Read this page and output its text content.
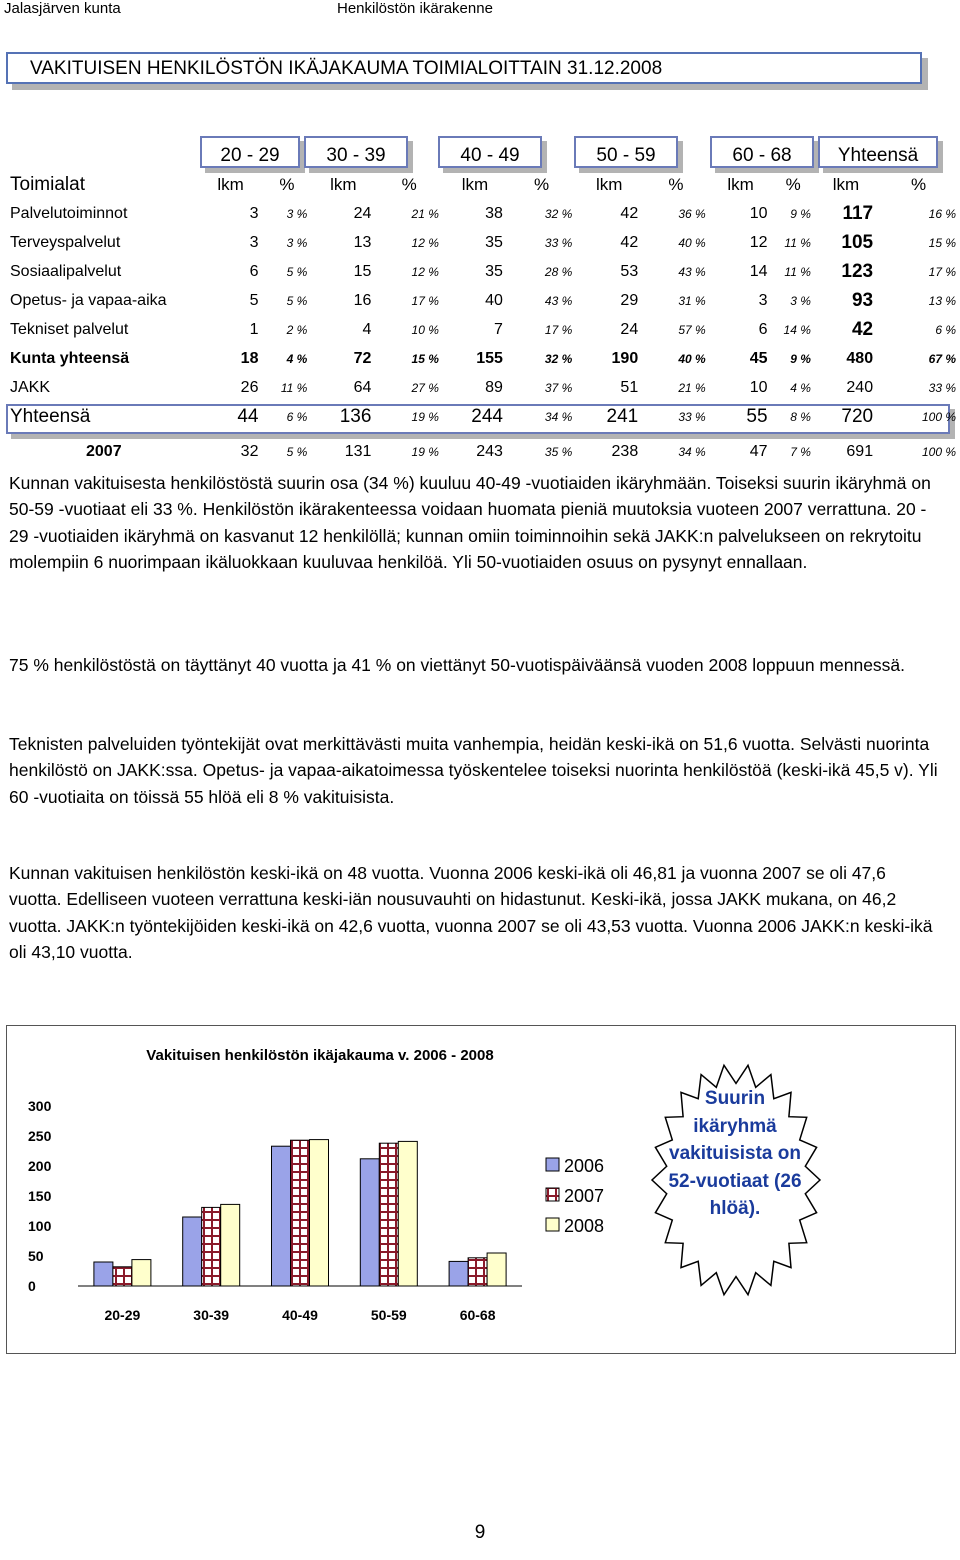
Jalasjärven kunta	Henkilöstön ikärakenne
VAKITUISEN HENKILÖSTÖN IKÄJAKAUMA TOIMIALOITTAIN 31.12.2008
20 - 29	30 - 39	40 - 49	50 - 59	60 - 68	Yhteensä
Toimialat	lkm	%	lkm	%	lkm	%	lkm	%	lkm	%	lkm	%
Palvelutoiminnot	3	3 %	24	21 %	38	32 %	42	36 %	10	9 %	117	16 %
Terveyspalvelut	3	3 %	13	12 %	35	33 %	42	40 %	12	11 %	105	15 %
Sosiaalipalvelut	6	5 %	15	12 %	35	28 %	53	43 %	14	11 %	123	17 %
Opetus- ja vapaa-aika	5	5 %	16	17 %	40	43 %	29	31 %	3	3 %	93	13 %
Tekniset palvelut	1	2 %	4	10 %	7	17 %	24	57 %	6	14 %	42	6 %
Kunta yhteensä	18	4 %	72	15 %	155	32 %	190	40 %	45	9 %	480	67 %
JAKK	26	11 %	64	27 %	89	37 %	51	21 %	10	4 %	240	33 %
Yhteensä	44	6 %	136	19 %	244	34 %	241	33 %	55	8 %	720	100 %
2007	32	5 %	131	19 %	243	35 %	238	34 %	47	7 %	691	100 %

Kunnan vakituisesta henkilöstöstä suurin osa (34 %) kuuluu 40-49 -vuotiaiden ikäryhmään. Toiseksi suurin ikäryhmä on 50-59 -vuotiaat eli 33 %. Henkilöstön ikärakenteessa voidaan huomata pieniä muutoksia vuoteen 2007 verrattuna. 20 - 29 -vuotiaiden ikäryhmä on kasvanut 12 henkilöllä; kunnan omiin toiminnoihin sekä JAKK:n palvelukseen on rekrytoitu molempiin 6 nuorimpaan ikäluokkaan kuuluvaa henkilöä. Yli 50-vuotiaiden osuus on pysynyt ennallaan.

75 % henkilöstöstä on täyttänyt 40 vuotta ja 41 % on viettänyt 50-vuotispäiväänsä vuoden 2008 loppuun mennessä.

Teknisten palveluiden työntekijät ovat merkittävästi muita vanhempia, heidän keski-ikä on 51,6 vuotta. Selvästi nuorinta henkilöstö on JAKK:ssa. Opetus- ja vapaa-aikatoimessa työskentelee toiseksi nuorinta henkilöstöä (keski-ikä 45,5 v). Yli 60 -vuotiaita on töissä 55 hlöä eli 8 % vakituisista.

Kunnan vakituisen henkilöstön keski-ikä on 48 vuotta. Vuonna 2006 keski-ikä oli 46,81 ja vuonna 2007 se oli 47,6 vuotta. Edelliseen vuoteen verrattuna keski-iän nousuvauhti on hidastunut. Keski-ikä, jossa JAKK mukana, on 46,2 vuotta. JAKK:n työntekijöiden keski-ikä on 42,6 vuotta, vuonna 2007 se oli 43,53 vuotta. Vuonna 2006 JAKK:n keski-ikä oli 43,10 vuotta.

Vakituisen henkilöstön ikäjakauma v. 2006 - 2008
0
50
100
150
200
250
300
20-29	30-39	40-49	50-59	60-68
2006
2007
2008
Suurin ikäryhmä vakituisista on 52-vuotiaat (26 hlöä).
9
